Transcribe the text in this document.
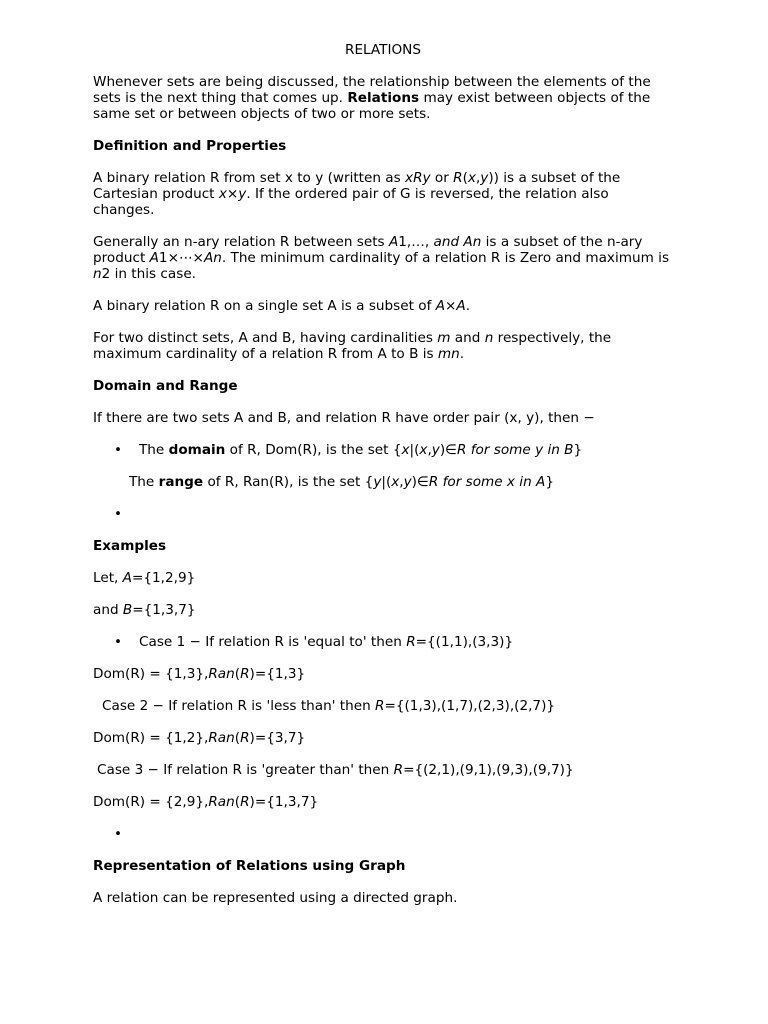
RELATIONS

Whenever sets are being discussed, the relationship between the elements of the sets is the next thing that comes up. Relations may exist between objects of the same set or between objects of two or more sets.

Definition and Properties

A binary relation R from set x to y (written as xRy or R(x,y)) is a subset of the Cartesian product x×y. If the ordered pair of G is reversed, the relation also changes.

Generally an n-ary relation R between sets A1,…, and An is a subset of the n-ary product A1×⋯×An. The minimum cardinality of a relation R is Zero and maximum is n2 in this case.

A binary relation R on a single set A is a subset of A×A.

For two distinct sets, A and B, having cardinalities m and n respectively, the maximum cardinality of a relation R from A to B is mn.

Domain and Range

If there are two sets A and B, and relation R have order pair (x, y), then −

• The domain of R, Dom(R), is the set {x|(x,y)∈R for some y in B}

The range of R, Ran(R), is the set {y|(x,y)∈R for some x in A}

•
Examples

Let, A={1,2,9}

and B={1,3,7}

• Case 1 − If relation R is 'equal to' then R={(1,1),(3,3)}

Dom(R) = {1,3},Ran(R)={1,3}

Case 2 − If relation R is 'less than' then R={(1,3),(1,7),(2,3),(2,7)}

Dom(R) = {1,2},Ran(R)={3,7}

Case 3 − If relation R is 'greater than' then R={(2,1),(9,1),(9,3),(9,7)}

Dom(R) = {2,9},Ran(R)={1,3,7}

•
Representation of Relations using Graph

A relation can be represented using a directed graph.
